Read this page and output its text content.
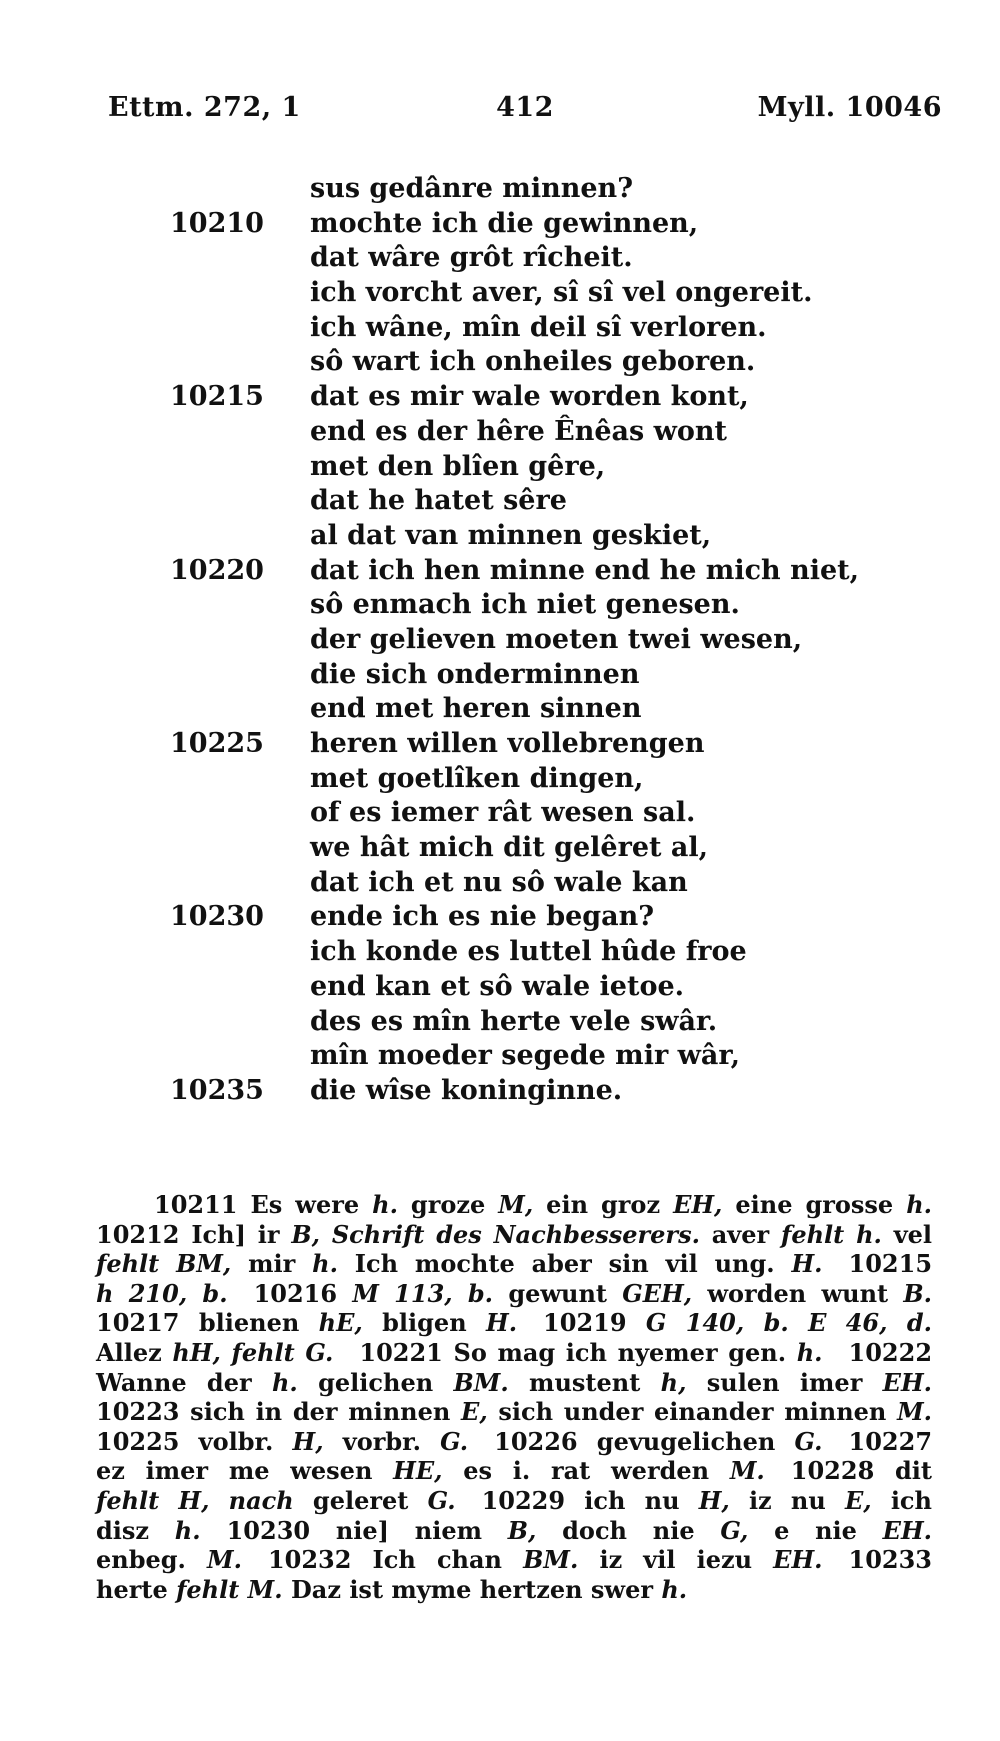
Ettm. 272, 1	412	Myll. 10046
sus gedânre minnen?
10210	mochte ich die gewinnen,
dat wâre grôt rîcheit.
ich vorcht aver, sî sî vel ongereit.
ich wâne, mîn deil sî verloren.
sô wart ich onheiles geboren.
10215	dat es mir wale worden kont,
end es der hêre Ênêas wont
met den blîen gêre,
dat he hatet sêre
al dat van minnen geskiet,
10220	dat ich hen minne end he mich niet,
sô enmach ich niet genesen.
der gelieven moeten twei wesen,
die sich onderminnen
end met heren sinnen
10225	heren willen vollebrengen
met goetlîken dingen,
of es iemer rât wesen sal.
we hât mich dit gelêret al,
dat ich et nu sô wale kan
10230	ende ich es nie began?
ich konde es luttel hûde froe
end kan et sô wale ietoe.
des es mîn herte vele swâr.
mîn moeder segede mir wâr,
10235	die wîse koninginne.
10211 Es were h. groze M, ein groz EH, eine grosse h.
10212 Ich] ir B, Schrift des Nachbesserers. aver fehlt h. vel
fehlt BM, mir h. Ich mochte aber sin vil ung. H. 10215
h 210, b. 10216 M 113, b. gewunt GEH, worden wunt B.
10217 blienen hE, bligen H. 10219 G 140, b. E 46, d.
Allez hH, fehlt G. 10221 So mag ich nyemer gen. h. 10222
Wanne der h. gelichen BM. mustent h, sulen imer EH.
10223 sich in der minnen E, sich under einander minnen M.
10225 volbr. H, vorbr. G. 10226 gevugelichen G. 10227
ez imer me wesen HE, es i. rat werden M. 10228 dit
fehlt H, nach geleret G. 10229 ich nu H, iz nu E, ich
disz h. 10230 nie] niem B, doch nie G, e nie EH.
enbeg. M. 10232 Ich chan BM. iz vil iezu EH. 10233
herte fehlt M. Daz ist myme hertzen swer h.
